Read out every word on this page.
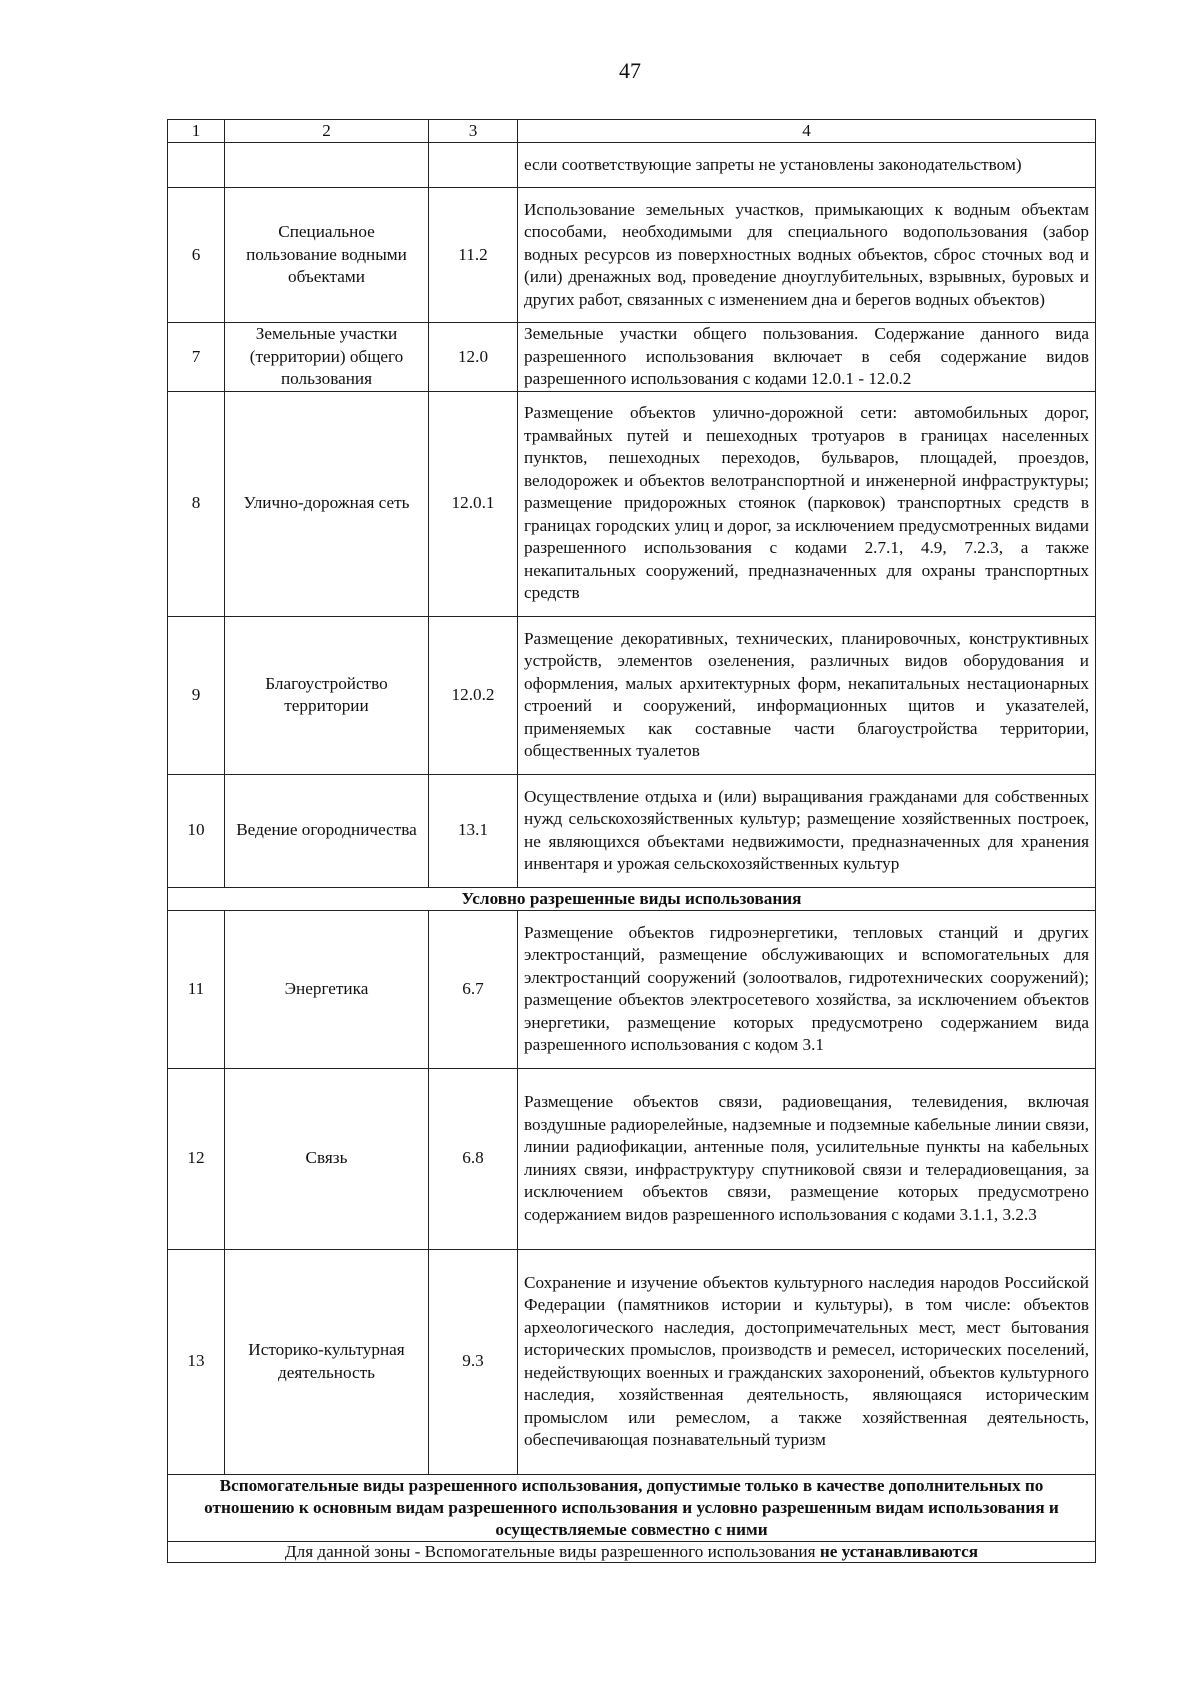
47
1	2	3	4
			если соответствующие запреты не установлены законодательством)
6	Специальное пользование водными объектами	11.2	Использование земельных участков, примыкающих к водным объектам способами, необходимыми для специального водопользования (забор водных ресурсов из поверхностных водных объектов, сброс сточных вод и (или) дренажных вод, проведение дноуглубительных, взрывных, буровых и других работ, связанных с изменением дна и берегов водных объектов)
7	Земельные участки (территории) общего пользования	12.0	Земельные участки общего пользования. Содержание данного вида разрешенного использования включает в себя содержание видов разрешенного использования с кодами 12.0.1 - 12.0.2
8	Улично-дорожная сеть	12.0.1	Размещение объектов улично-дорожной сети: автомобильных дорог, трамвайных путей и пешеходных тротуаров в границах населенных пунктов, пешеходных переходов, бульваров, площадей, проездов, велодорожек и объектов велотранспортной и инженерной инфраструктуры; размещение придорожных стоянок (парковок) транспортных средств в границах городских улиц и дорог, за исключением предусмотренных видами разрешенного использования с кодами 2.7.1, 4.9, 7.2.3, а также некапитальных сооружений, предназначенных для охраны транспортных средств
9	Благоустройство территории	12.0.2	Размещение декоративных, технических, планировочных, конструктивных устройств, элементов озеленения, различных видов оборудования и оформления, малых архитектурных форм, некапитальных нестационарных строений и сооружений, информационных щитов и указателей, применяемых как составные части благоустройства территории, общественных туалетов
10	Ведение огородничества	13.1	Осуществление отдыха и (или) выращивания гражданами для собственных нужд сельскохозяйственных культур; размещение хозяйственных построек, не являющихся объектами недвижимости, предназначенных для хранения инвентаря и урожая сельскохозяйственных культур
Условно разрешенные виды использования			
11	Энергетика	6.7	Размещение объектов гидроэнергетики, тепловых станций и других электростанций, размещение обслуживающих и вспомогательных для электростанций сооружений (золоотвалов, гидротехнических сооружений); размещение объектов электросетевого хозяйства, за исключением объектов энергетики, размещение которых предусмотрено содержанием вида разрешенного использования с кодом 3.1
12	Связь	6.8	Размещение объектов связи, радиовещания, телевидения, включая воздушные радиорелейные, надземные и подземные кабельные линии связи, линии радиофикации, антенные поля, усилительные пункты на кабельных линиях связи, инфраструктуру спутниковой связи и телерадиовещания, за исключением объектов связи, размещение которых предусмотрено содержанием видов разрешенного использования с кодами 3.1.1, 3.2.3
13	Историко-культурная деятельность	9.3	Сохранение и изучение объектов культурного наследия народов Российской Федерации (памятников истории и культуры), в том числе: объектов археологического наследия, достопримечательных мест, мест бытования исторических промыслов, производств и ремесел, исторических поселений, недействующих военных и гражданских захоронений, объектов культурного наследия, хозяйственная деятельность, являющаяся историческим промыслом или ремеслом, а также хозяйственная деятельность, обеспечивающая познавательный туризм
Вспомогательные виды разрешенного использования, допустимые только в качестве дополнительных по отношению к основным видам разрешенного использования и условно разрешенным видам использования и осуществляемые совместно с ними			
Для данной зоны - Вспомогательные виды разрешенного использования не устанавливаются			
